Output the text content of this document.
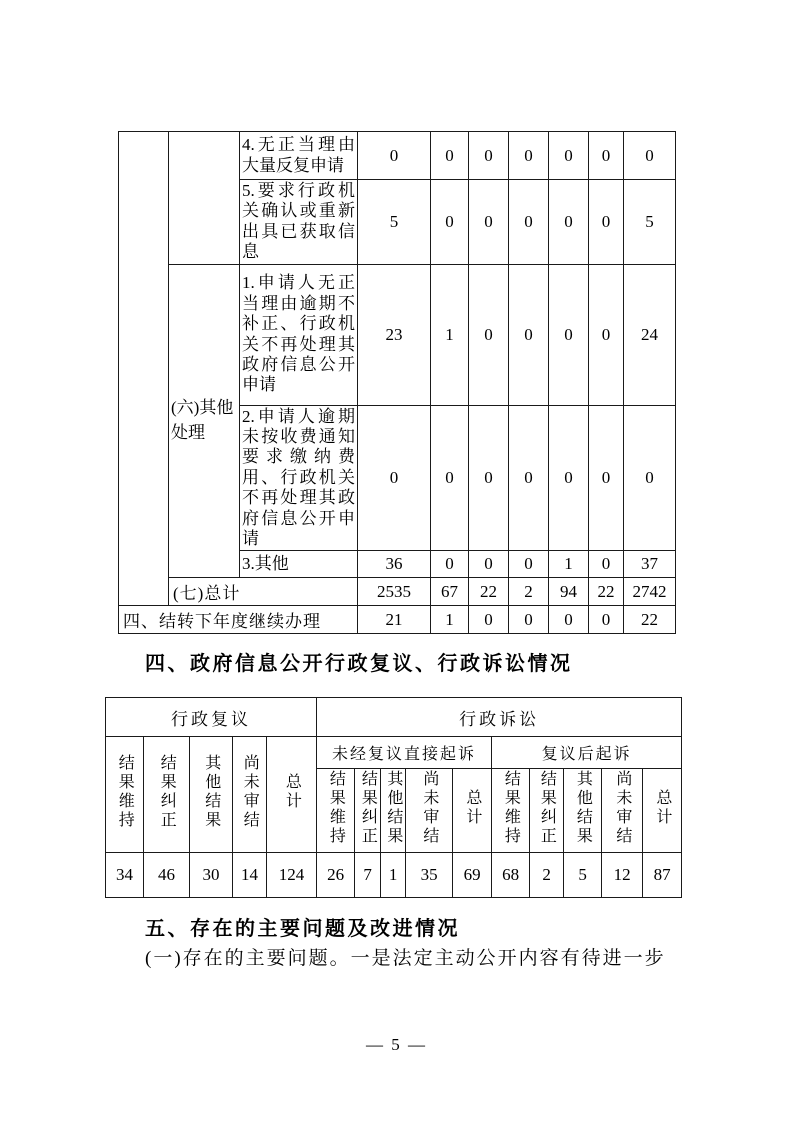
		4.无正当理由大量反复申请	0	0	0	0	0	0	0
		5.要求行政机关确认或重新出具已获取信息	5	0	0	0	0	0	5
	(六)其他处理	1.申请人无正当理由逾期不补正、行政机关不再处理其政府信息公开申请	23	1	0	0	0	0	24
		2.申请人逾期未按收费通知要求缴纳费用、行政机关不再处理其政府信息公开申请	0	0	0	0	0	0	0
		3.其他	36	0	0	0	1	0	37
	(七)总计		2535	67	22	2	94	22	2742
四、结转下年度继续办理			21	1	0	0	0	0	22
四、政府信息公开行政复议、行政诉讼情况
行政复议					行政诉讼									
结果维持	结果纠正	其他结果	尚未审结	总计	未经复议直接起诉					复议后起诉				
					结果维持	结果纠正	其他结果	尚未审结	总计	结果维持	结果纠正	其他结果	尚未审结	总计
34	46	30	14	124	26	7	1	35	69	68	2	5	12	87
五、存在的主要问题及改进情况
(一)存在的主要问题。一是法定主动公开内容有待进一步
— 5 —
